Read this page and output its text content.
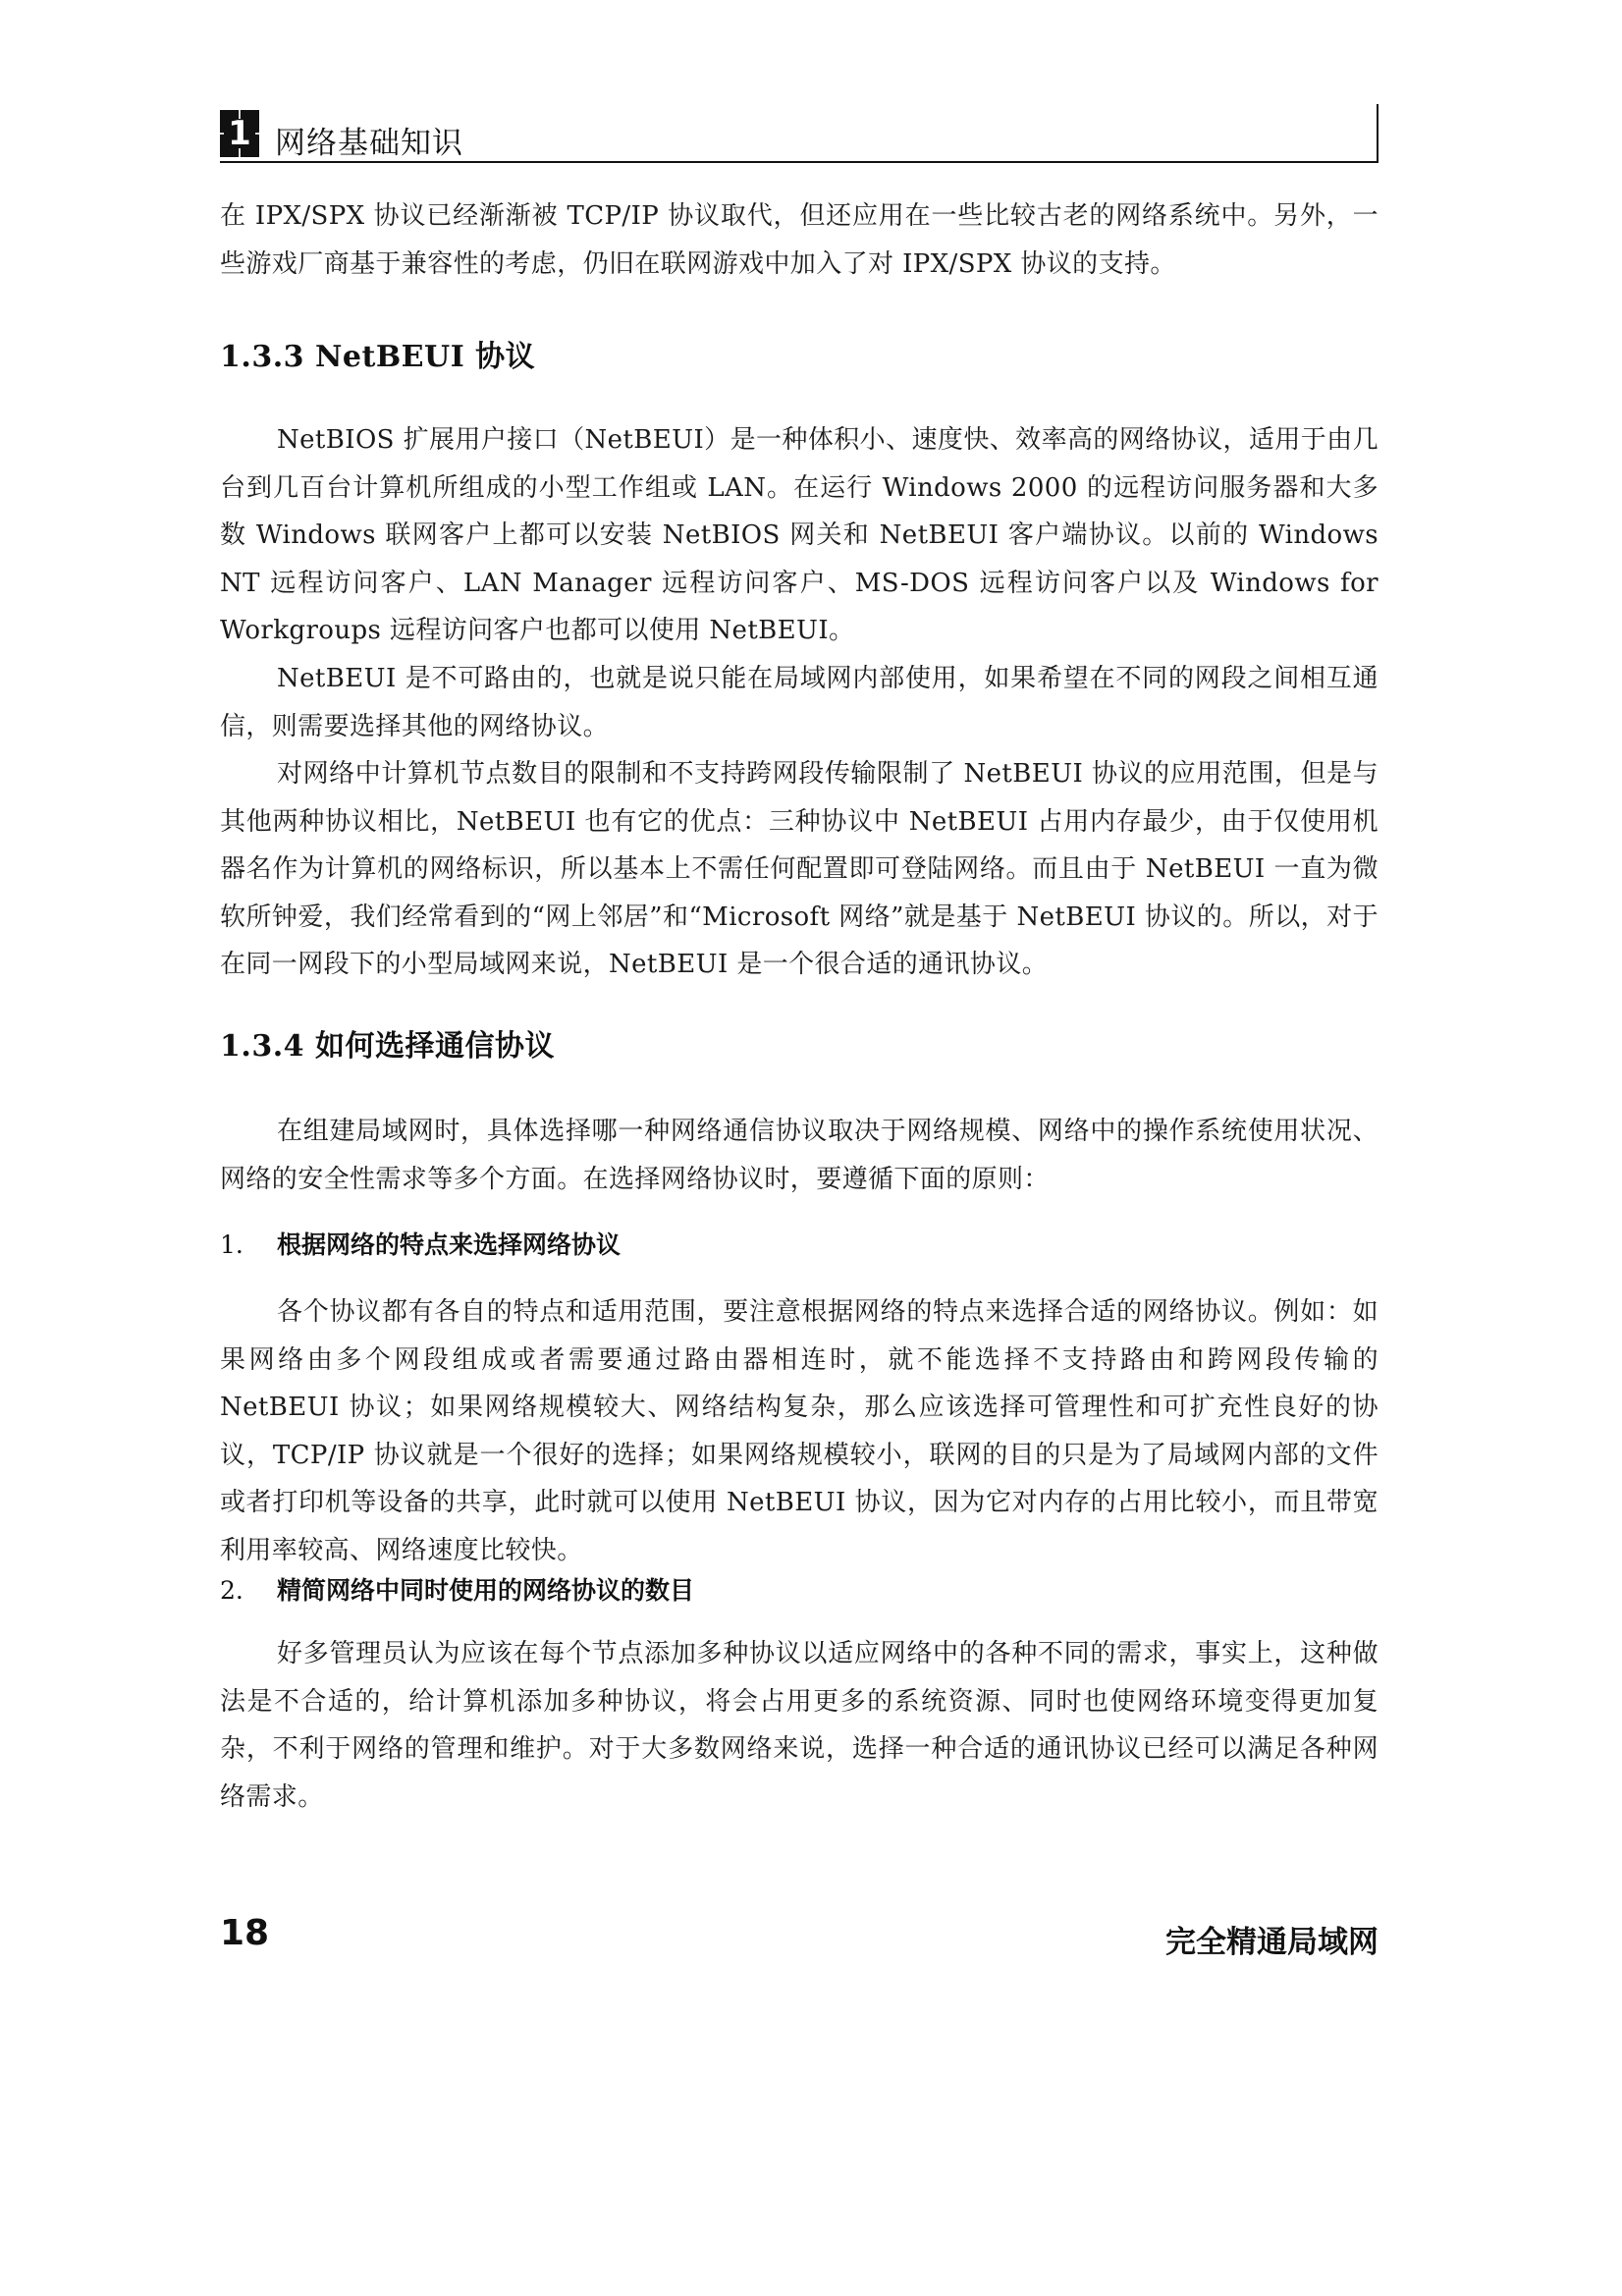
1 网络基础知识

在 IPX/SPX 协议已经渐渐被 TCP/IP 协议取代，但还应用在一些比较古老的网络系统中。另外，一些游戏厂商基于兼容性的考虑，仍旧在联网游戏中加入了对 IPX/SPX 协议的支持。

1.3.3 NetBEUI 协议

NetBIOS 扩展用户接口（NetBEUI）是一种体积小、速度快、效率高的网络协议，适用于由几台到几百台计算机所组成的小型工作组或 LAN。在运行 Windows 2000 的远程访问服务器和大多数 Windows 联网客户上都可以安装 NetBIOS 网关和 NetBEUI 客户端协议。以前的 Windows NT 远程访问客户、LAN Manager 远程访问客户、MS-DOS 远程访问客户以及 Windows for Workgroups 远程访问客户也都可以使用 NetBEUI。

NetBEUI 是不可路由的，也就是说只能在局域网内部使用，如果希望在不同的网段之间相互通信，则需要选择其他的网络协议。

对网络中计算机节点数目的限制和不支持跨网段传输限制了 NetBEUI 协议的应用范围，但是与其他两种协议相比，NetBEUI 也有它的优点：三种协议中 NetBEUI 占用内存最少，由于仅使用机器名作为计算机的网络标识，所以基本上不需任何配置即可登陆网络。而且由于 NetBEUI 一直为微软所钟爱，我们经常看到的“网上邻居”和“Microsoft 网络”就是基于 NetBEUI 协议的。所以，对于在同一网段下的小型局域网来说，NetBEUI 是一个很合适的通讯协议。

1.3.4 如何选择通信协议

在组建局域网时，具体选择哪一种网络通信协议取决于网络规模、网络中的操作系统使用状况、网络的安全性需求等多个方面。在选择网络协议时，要遵循下面的原则：

1. 根据网络的特点来选择网络协议

各个协议都有各自的特点和适用范围，要注意根据网络的特点来选择合适的网络协议。例如：如果网络由多个网段组成或者需要通过路由器相连时，就不能选择不支持路由和跨网段传输的 NetBEUI 协议；如果网络规模较大、网络结构复杂，那么应该选择可管理性和可扩充性良好的协议，TCP/IP 协议就是一个很好的选择；如果网络规模较小，联网的目的只是为了局域网内部的文件或者打印机等设备的共享，此时就可以使用 NetBEUI 协议，因为它对内存的占用比较小，而且带宽利用率较高、网络速度比较快。

2. 精简网络中同时使用的网络协议的数目

好多管理员认为应该在每个节点添加多种协议以适应网络中的各种不同的需求，事实上，这种做法是不合适的，给计算机添加多种协议，将会占用更多的系统资源、同时也使网络环境变得更加复杂，不利于网络的管理和维护。对于大多数网络来说，选择一种合适的通讯协议已经可以满足各种网络需求。

18	完全精通局域网
